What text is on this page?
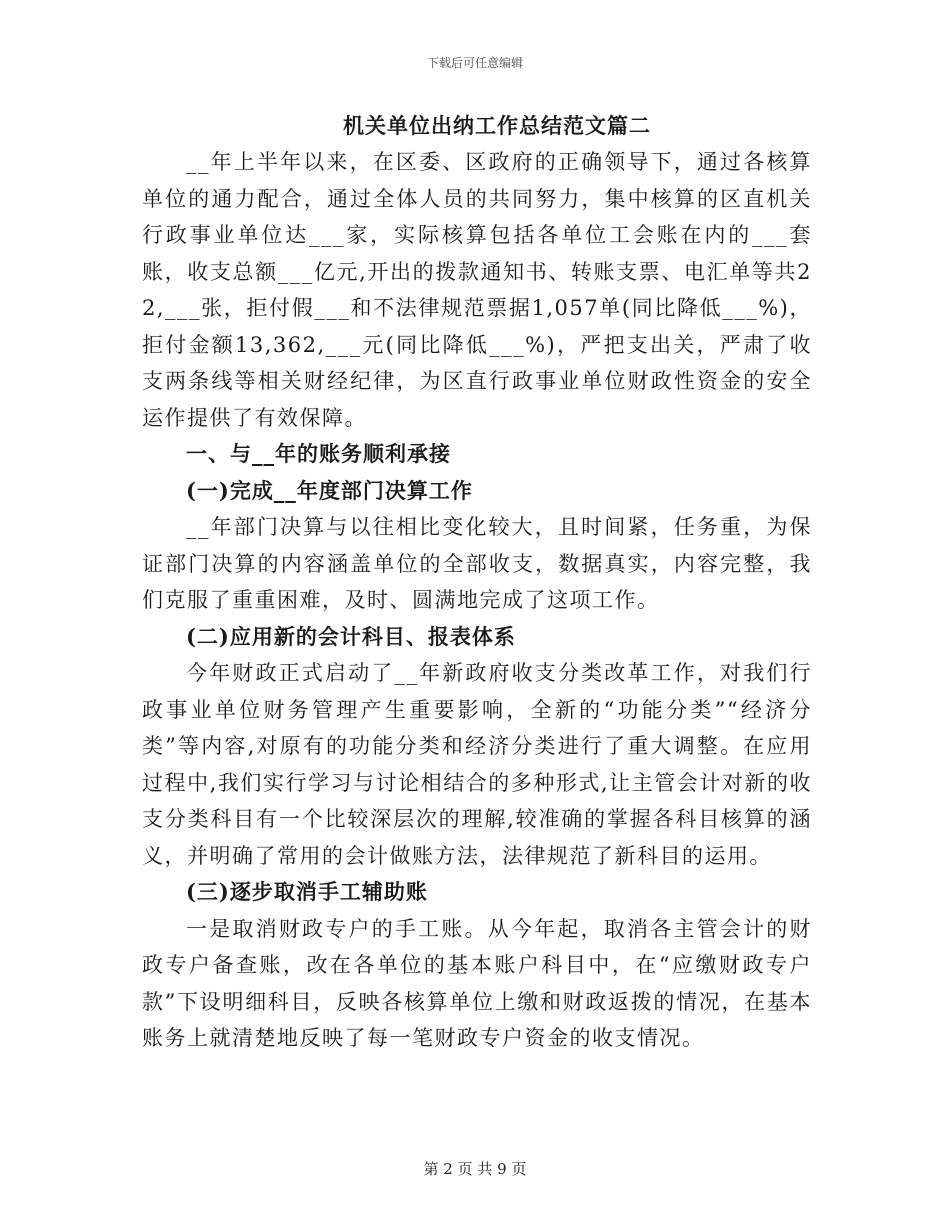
下载后可任意编辑
机关单位出纳工作总结范文篇二

__年上半年以来，在区委、区政府的正确领导下，通过各核算单位的通力配合，通过全体人员的共同努力，集中核算的区直机关行政事业单位达___家，实际核算包括各单位工会账在内的___套账，收支总额___亿元,开出的拨款通知书、转账支票、电汇单等共22,___张，拒付假___和不法律规范票据1,057单(同比降低___%)，拒付金额13,362,___元(同比降低___%)，严把支出关，严肃了收支两条线等相关财经纪律，为区直行政事业单位财政性资金的安全运作提供了有效保障。

一、与__年的账务顺利承接
(一)完成__年度部门决算工作

__年部门决算与以往相比变化较大，且时间紧，任务重，为保证部门决算的内容涵盖单位的全部收支，数据真实，内容完整，我们克服了重重困难，及时、圆满地完成了这项工作。

(二)应用新的会计科目、报表体系

今年财政正式启动了__年新政府收支分类改革工作，对我们行政事业单位财务管理产生重要影响，全新的“功能分类”“经济分类”等内容,对原有的功能分类和经济分类进行了重大调整。在应用过程中,我们实行学习与讨论相结合的多种形式,让主管会计对新的收支分类科目有一个比较深层次的理解,较准确的掌握各科目核算的涵义，并明确了常用的会计做账方法，法律规范了新科目的运用。

(三)逐步取消手工辅助账

一是取消财政专户的手工账。从今年起，取消各主管会计的财政专户备查账，改在各单位的基本账户科目中，在“应缴财政专户款”下设明细科目，反映各核算单位上缴和财政返拨的情况，在基本账务上就清楚地反映了每一笔财政专户资金的收支情况。

第 2 页 共 9 页
